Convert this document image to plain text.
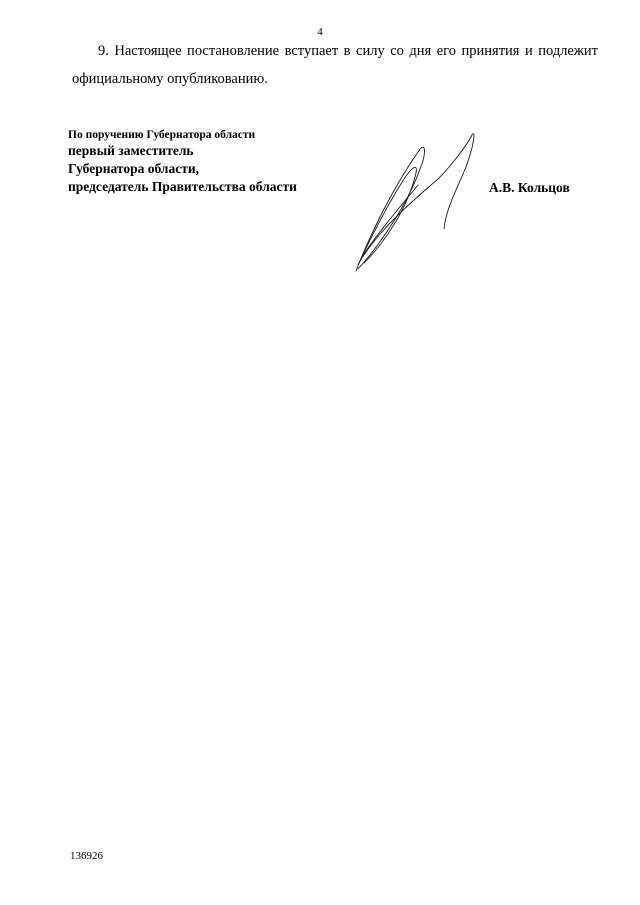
4

9. Настоящее постановление вступает в силу со дня его принятия и подлежит официальному опубликованию.

По поручению Губернатора области
первый заместитель
Губернатора области,
председатель Правительства области	А.В. Кольцов
136926
